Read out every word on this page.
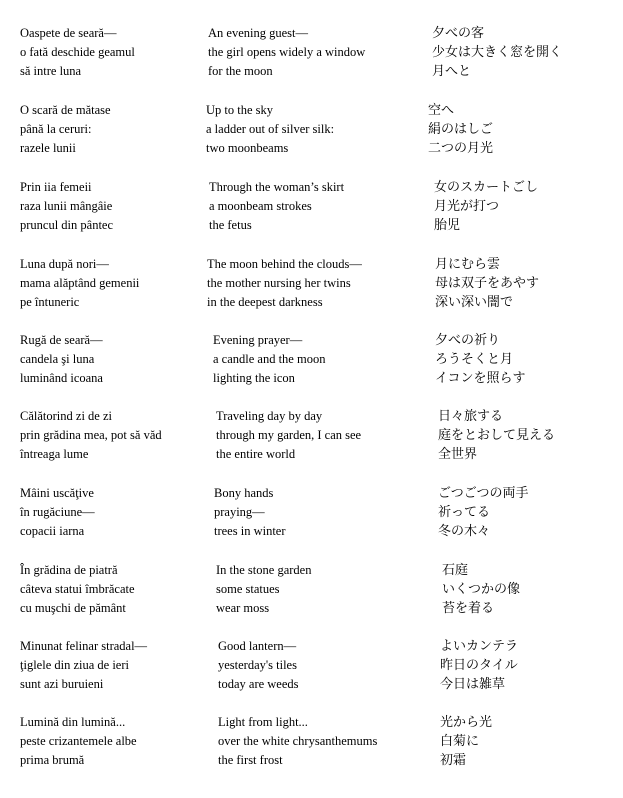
Oaspete de seară—
o fată deschide geamul
să intre luna
An evening guest—
the girl opens widely a window
for the moon
夕べの客
少女は大きく窓を開く
月へと
O scară de mătase
până la ceruri:
razele lunii
Up to the sky
a ladder out of silver silk:
two moonbeams
空へ
絹のはしご
二つの月光
Prin iia femeii
raza lunii mângâie
pruncul din pântec
Through the woman’s skirt
a moonbeam strokes
the fetus
女のスカートごし
月光が打つ
胎児
Luna după nori—
mama alăptând gemenii
pe întuneric
The moon behind the clouds—
the mother nursing her twins
in the deepest darkness
月にむら雲
母は双子をあやす
深い深い闇で
Rugă de seară—
candela şi luna
luminând icoana
Evening prayer—
a candle and the moon
lighting the icon
夕べの祈り
ろうそくと月
イコンを照らす
Călătorind zi de zi
prin grădina mea, pot să văd
întreaga lume
Traveling day by day
through my garden, I can see
the entire world
日々旅する
庭をとおして見える
全世界
Mâini uscăţive
în rugăciune—
copacii iarna
Bony hands
praying—
trees in winter
ごつごつの両手
祈ってる
冬の木々
În grădina de piatră
câteva statui îmbrăcate
cu muşchi de pământ
In the stone garden
some statues
wear moss
石庭
いくつかの像
苔を着る
Minunat felinar stradal—
ţiglele din ziua de ieri
sunt azi buruieni
Good lantern—
yesterday's tiles
today are weeds
よいカンテラ
昨日のタイル
今日は雑草
Lumină din lumină...
peste crizantemele albe
prima brumă
Light from light...
over the white chrysanthemums
the first frost
光から光
白菊に
初霜
